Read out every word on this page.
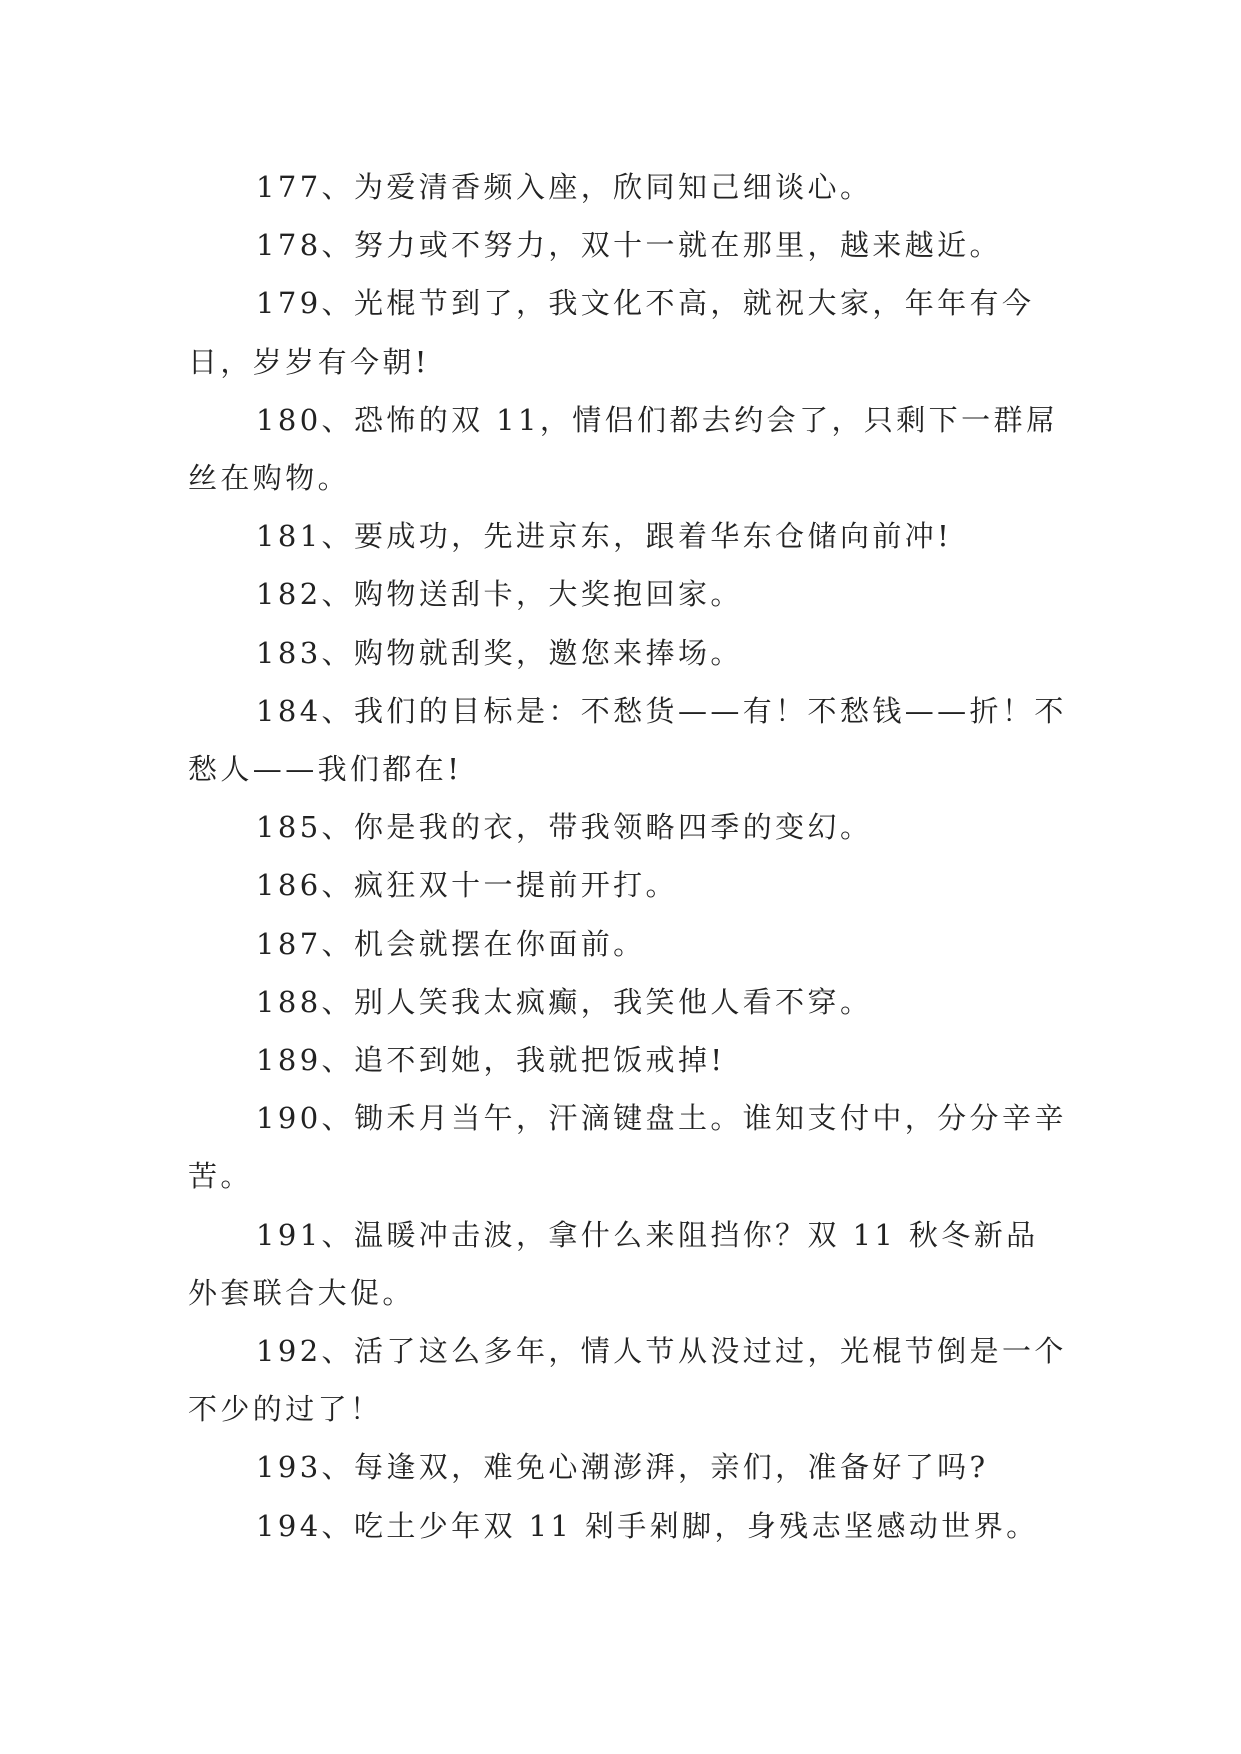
177、为爱清香频入座，欣同知己细谈心。

178、努力或不努力，双十一就在那里，越来越近。

179、光棍节到了，我文化不高，就祝大家，年年有今日，岁岁有今朝!

180、恐怖的双 11，情侣们都去约会了，只剩下一群屌丝在购物。

181、要成功，先进京东，跟着华东仓储向前冲!

182、购物送刮卡，大奖抱回家。

183、购物就刮奖，邀您来捧场。

184、我们的目标是：不愁货——有！不愁钱——折！不愁人——我们都在!

185、你是我的衣，带我领略四季的变幻。

186、疯狂双十一提前开打。

187、机会就摆在你面前。

188、别人笑我太疯癫，我笑他人看不穿。

189、追不到她，我就把饭戒掉!

190、锄禾月当午，汗滴键盘土。谁知支付中，分分辛辛苦。

191、温暖冲击波，拿什么来阻挡你？双 11 秋冬新品外套联合大促。

192、活了这么多年，情人节从没过过，光棍节倒是一个不少的过了！

193、每逢双，难免心潮澎湃，亲们，准备好了吗?

194、吃土少年双 11 剁手剁脚，身残志坚感动世界。
